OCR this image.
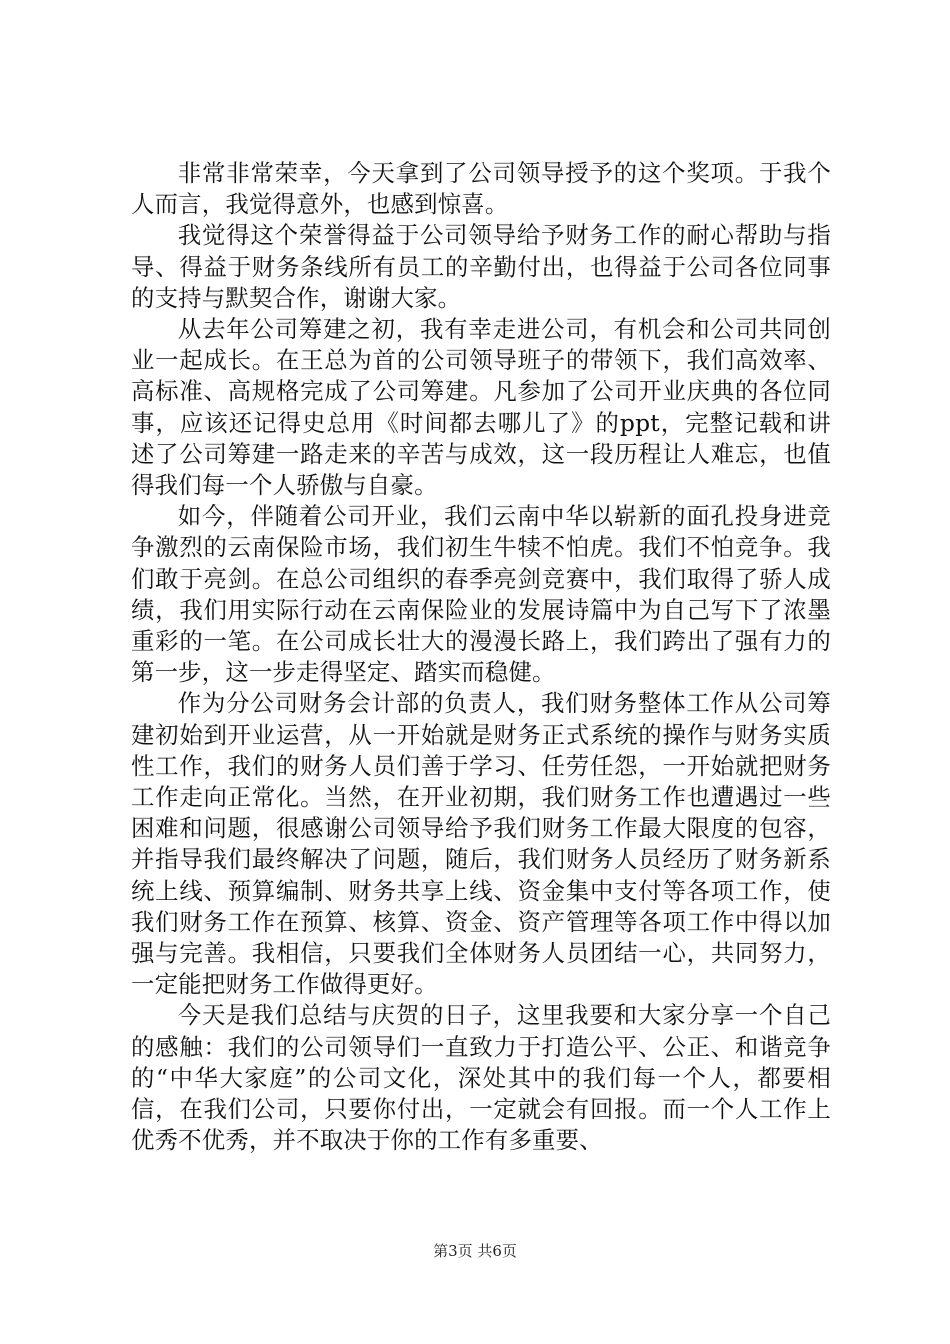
非常非常荣幸，今天拿到了公司领导授予的这个奖项。于我个人而言，我觉得意外，也感到惊喜。

我觉得这个荣誉得益于公司领导给予财务工作的耐心帮助与指导、得益于财务条线所有员工的辛勤付出，也得益于公司各位同事的支持与默契合作，谢谢大家。

从去年公司筹建之初，我有幸走进公司，有机会和公司共同创业一起成长。在王总为首的公司领导班子的带领下，我们高效率、高标准、高规格完成了公司筹建。凡参加了公司开业庆典的各位同事，应该还记得史总用《时间都去哪儿了》的ppt，完整记载和讲述了公司筹建一路走来的辛苦与成效，这一段历程让人难忘，也值得我们每一个人骄傲与自豪。

如今，伴随着公司开业，我们云南中华以崭新的面孔投身进竞争激烈的云南保险市场，我们初生牛犊不怕虎。我们不怕竞争。我们敢于亮剑。在总公司组织的春季亮剑竞赛中，我们取得了骄人成绩，我们用实际行动在云南保险业的发展诗篇中为自己写下了浓墨重彩的一笔。在公司成长壮大的漫漫长路上，我们跨出了强有力的第一步，这一步走得坚定、踏实而稳健。

作为分公司财务会计部的负责人，我们财务整体工作从公司筹建初始到开业运营，从一开始就是财务正式系统的操作与财务实质性工作，我们的财务人员们善于学习、任劳任怨，一开始就把财务工作走向正常化。当然，在开业初期，我们财务工作也遭遇过一些困难和问题，很感谢公司领导给予我们财务工作最大限度的包容，并指导我们最终解决了问题，随后，我们财务人员经历了财务新系统上线、预算编制、财务共享上线、资金集中支付等各项工作，使我们财务工作在预算、核算、资金、资产管理等各项工作中得以加强与完善。我相信，只要我们全体财务人员团结一心，共同努力，一定能把财务工作做得更好。

今天是我们总结与庆贺的日子，这里我要和大家分享一个自己的感触：我们的公司领导们一直致力于打造公平、公正、和谐竞争的“中华大家庭”的公司文化，深处其中的我们每一个人，都要相信，在我们公司，只要你付出，一定就会有回报。而一个人工作上优秀不优秀，并不取决于你的工作有多重要、

第3页 共6页
